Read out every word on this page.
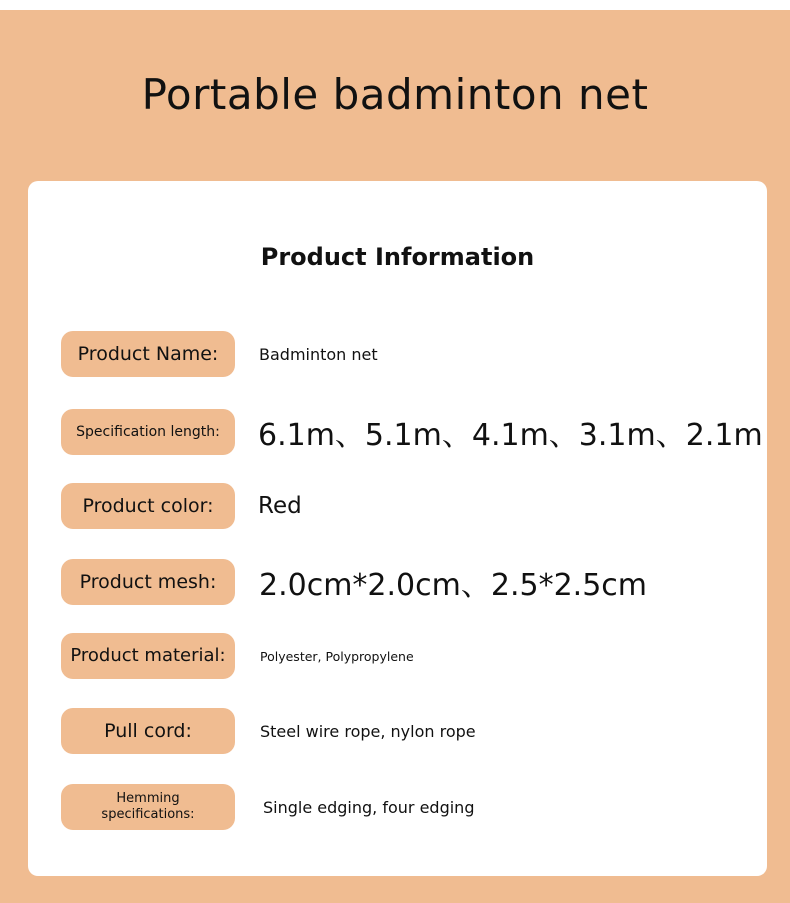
Portable badminton net
Product Information
Product Name:	Badminton net
Specification length:	6.1m、5.1m、4.1m、3.1m、2.1m
Product color:	Red
Product mesh:	2.0cm*2.0cm、2.5*2.5cm
Product material:	Polyester, Polypropylene
Pull cord:	Steel wire rope, nylon rope
Hemming specifications:	Single edging, four edging
